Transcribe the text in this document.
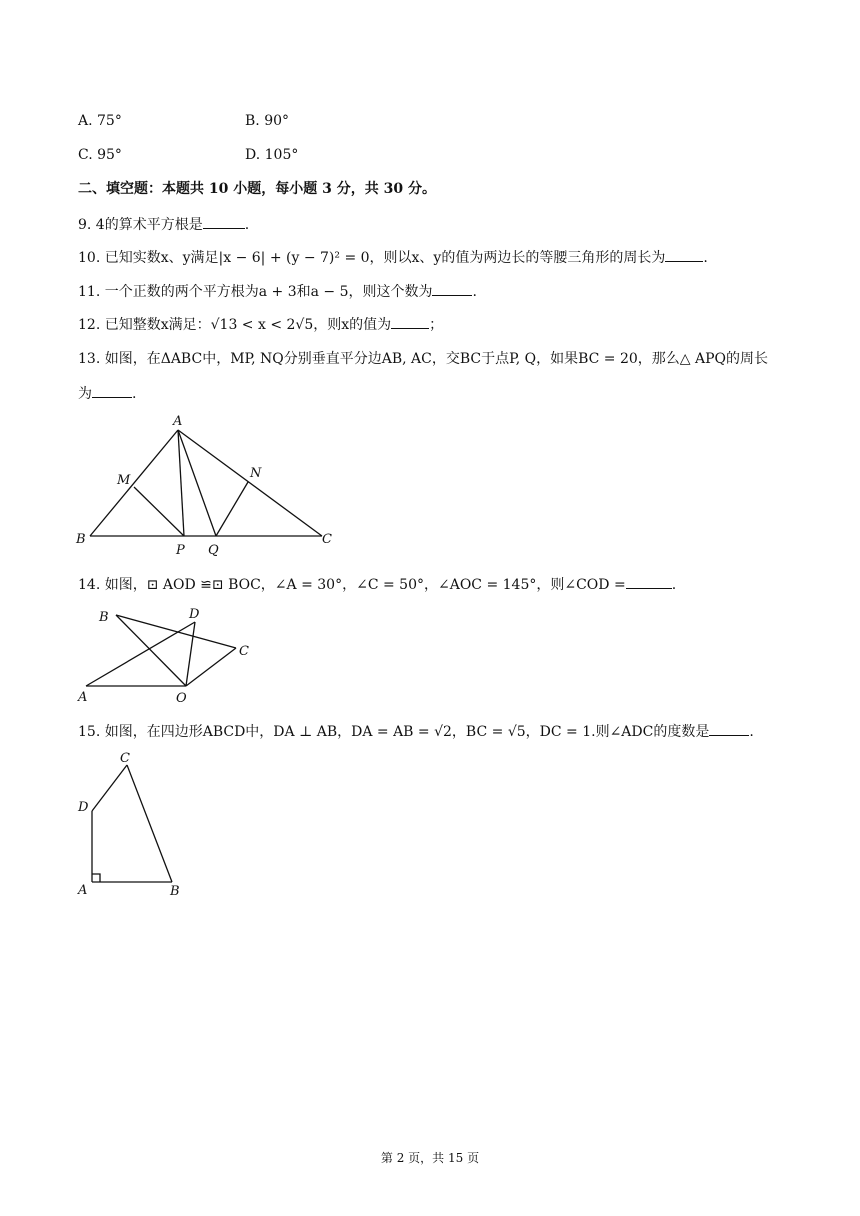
A. 75°	B. 90°
C. 95°	D. 105°
二、填空题：本题共 10 小题，每小题 3 分，共 30 分。
9. 4的算术平方根是	.
10. 已知实数x、y满足|x − 6| + (y − 7)² = 0，则以x、y的值为两边长的等腰三角形的周长为	.
11. 一个正数的两个平方根为a + 3和a − 5，则这个数为	.
12. 已知整数x满足：√13 < x < 2√5，则x的值为	；
13. 如图，在ΔABC中，MP, NQ分别垂直平分边AB, AC，交BC于点P, Q，如果BC = 20，那么△ APQ的周长
为	.
A
B	C
M	N
P Q
14. 如图，⊡ AOD ≌⊡ BOC，∠A = 30°，∠C = 50°，∠AOC = 145°，则∠COD =	.
A
B
C
D
O
15. 如图，在四边形ABCD中，DA ⊥ AB，DA = AB = √2，BC = √5，DC = 1.则∠ADC的度数是	.
A	B
C
D
第 2 页，共 15 页
